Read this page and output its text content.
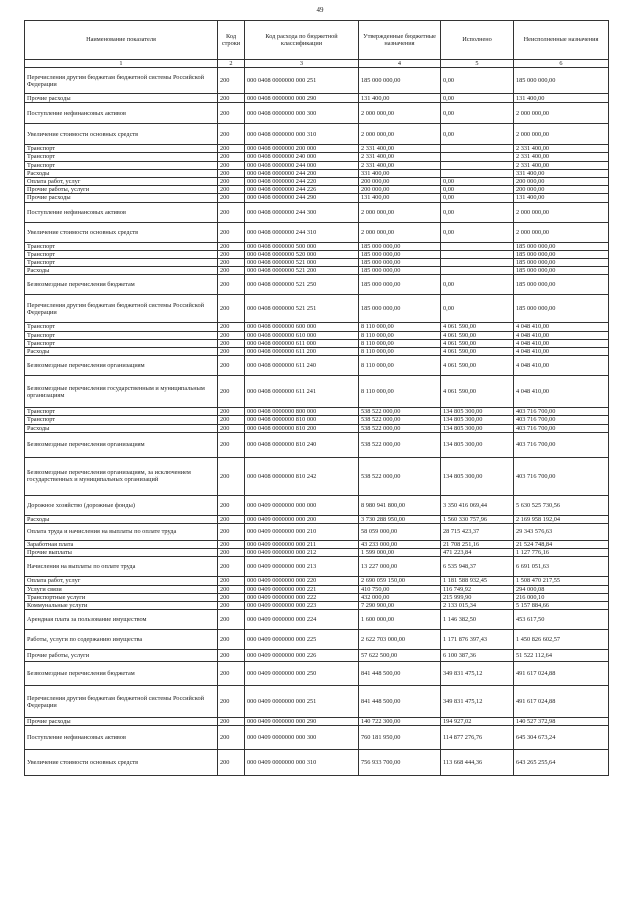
49
Наименование показателя	Код строки	Код расхода по бюджетной классификации	Утвержденные бюджетные назначения	Исполнено	Неисполненные назначения
1	2	3	4	5	6
Перечисления другим бюджетам бюджетной системы Российской Федерации	200	000 0408 0000000 000 251	185 000 000,00	0,00	185 000 000,00
Прочие расходы	200	000 0408 0000000 000 290	131 400,00	0,00	131 400,00
Поступление нефинансовых активов	200	000 0408 0000000 000 300	2 000 000,00	0,00	2 000 000,00
Увеличение стоимости основных средств	200	000 0408 0000000 000 310	2 000 000,00	0,00	2 000 000,00
Транспорт	200	000 0408 0000000 200 000	2 331 400,00		2 331 400,00
Транспорт	200	000 0408 0000000 240 000	2 331 400,00		2 331 400,00
Транспорт	200	000 0408 0000000 244 000	2 331 400,00		2 331 400,00
Расходы	200	000 0408 0000000 244 200	331 400,00		331 400,00
Оплата работ, услуг	200	000 0408 0000000 244 220	200 000,00	0,00	200 000,00
Прочие работы, услуги	200	000 0408 0000000 244 226	200 000,00	0,00	200 000,00
Прочие расходы	200	000 0408 0000000 244 290	131 400,00	0,00	131 400,00
Поступление нефинансовых активов	200	000 0408 0000000 244 300	2 000 000,00	0,00	2 000 000,00
Увеличение стоимости основных средств	200	000 0408 0000000 244 310	2 000 000,00	0,00	2 000 000,00
Транспорт	200	000 0408 0000000 500 000	185 000 000,00		185 000 000,00
Транспорт	200	000 0408 0000000 520 000	185 000 000,00		185 000 000,00
Транспорт	200	000 0408 0000000 521 000	185 000 000,00		185 000 000,00
Расходы	200	000 0408 0000000 521 200	185 000 000,00		185 000 000,00
Безвозмездные перечисления бюджетам	200	000 0408 0000000 521 250	185 000 000,00	0,00	185 000 000,00
Перечисления другим бюджетам бюджетной системы Российской Федерации	200	000 0408 0000000 521 251	185 000 000,00	0,00	185 000 000,00
Транспорт	200	000 0408 0000000 600 000	8 110 000,00	4 061 590,00	4 048 410,00
Транспорт	200	000 0408 0000000 610 000	8 110 000,00	4 061 590,00	4 048 410,00
Транспорт	200	000 0408 0000000 611 000	8 110 000,00	4 061 590,00	4 048 410,00
Расходы	200	000 0408 0000000 611 200	8 110 000,00	4 061 590,00	4 048 410,00
Безвозмездные перечисления организациям	200	000 0408 0000000 611 240	8 110 000,00	4 061 590,00	4 048 410,00
Безвозмездные перечисления государственным и муниципальным организациям	200	000 0408 0000000 611 241	8 110 000,00	4 061 590,00	4 048 410,00
Транспорт	200	000 0408 0000000 800 000	538 522 000,00	134 805 300,00	403 716 700,00
Транспорт	200	000 0408 0000000 810 000	538 522 000,00	134 805 300,00	403 716 700,00
Расходы	200	000 0408 0000000 810 200	538 522 000,00	134 805 300,00	403 716 700,00
Безвозмездные перечисления организациям	200	000 0408 0000000 810 240	538 522 000,00	134 805 300,00	403 716 700,00
Безвозмездные перечисления организациям, за исключением государственных и муниципальных организаций	200	000 0408 0000000 810 242	538 522 000,00	134 805 300,00	403 716 700,00
Дорожное хозяйство (дорожные фонды)	200	000 0409 0000000 000 000	8 980 941 800,00	3 350 416 069,44	5 630 525 730,56
Расходы	200	000 0409 0000000 000 200	3 730 288 950,00	1 560 330 757,96	2 169 958 192,04
Оплата труда и начисления на выплаты по оплате труда	200	000 0409 0000000 000 210	58 059 000,00	28 715 423,37	29 343 576,63
Заработная плата	200	000 0409 0000000 000 211	43 233 000,00	21 708 251,16	21 524 748,84
Прочие выплаты	200	000 0409 0000000 000 212	1 599 000,00	471 223,84	1 127 776,16
Начисления на выплаты по оплате труда	200	000 0409 0000000 000 213	13 227 000,00	6 535 948,37	6 691 051,63
Оплата работ, услуг	200	000 0409 0000000 000 220	2 690 059 150,00	1 181 588 932,45	1 508 470 217,55
Услуги связи	200	000 0409 0000000 000 221	410 750,00	116 749,92	294 000,08
Транспортные услуги	200	000 0409 0000000 000 222	432 000,00	215 999,90	216 000,10
Коммунальные услуги	200	000 0409 0000000 000 223	7 290 900,00	2 133 015,34	5 157 884,66
Арендная плата за пользование имуществом	200	000 0409 0000000 000 224	1 600 000,00	1 146 382,50	453 617,50
Работы, услуги по содержанию имущества	200	000 0409 0000000 000 225	2 622 703 000,00	1 171 876 397,43	1 450 826 602,57
Прочие работы, услуги	200	000 0409 0000000 000 226	57 622 500,00	6 100 387,36	51 522 112,64
Безвозмездные перечисления бюджетам	200	000 0409 0000000 000 250	841 448 500,00	349 831 475,12	491 617 024,88
Перечисления другим бюджетам бюджетной системы Российской Федерации	200	000 0409 0000000 000 251	841 448 500,00	349 831 475,12	491 617 024,88
Прочие расходы	200	000 0409 0000000 000 290	140 722 300,00	194 927,02	140 527 372,98
Поступление нефинансовых активов	200	000 0409 0000000 000 300	760 181 950,00	114 877 276,76	645 304 673,24
Увеличение стоимости основных средств	200	000 0409 0000000 000 310	756 933 700,00	113 668 444,36	643 265 255,64
